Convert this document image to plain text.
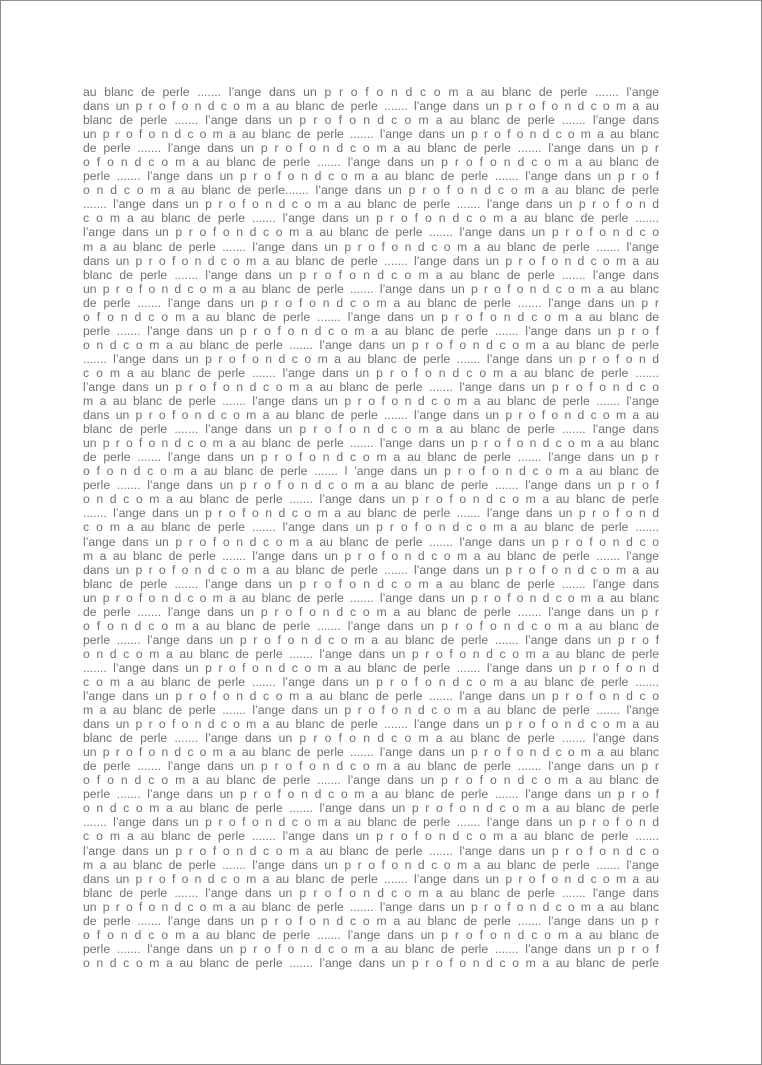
au blanc de perle ....... l’ange dans un p r o f o n d c o m a au blanc de perle ....... l’ange
dans un p r o f o n d c o m a au blanc de perle ....... l’ange dans un p r o f o n d c o m a au
blanc de perle ....... l’ange dans un p r o f o n d c o m a au blanc de perle ....... l’ange dans
un p r o f o n d c o m a au blanc de perle ....... l’ange dans un p r o f o n d c o m a au blanc
de perle ....... l’ange dans un p r o f o n d c o m a au blanc de perle ....... l’ange dans un p r
o f o n d c o m a au blanc de perle ....... l’ange dans un p r o f o n d c o m a au blanc de
perle ....... l’ange dans un p r o f o n d c o m a au blanc de perle ....... l’ange dans un p r o f
o n d c o m a au blanc de perle....... l’ange dans un p r o f o n d c o m a au blanc de perle
....... l’ange dans un p r o f o n d c o m a au blanc de perle ....... l’ange dans un p r o f o n d
c o m a au blanc de perle ....... l’ange dans un p r o f o n d c o m a au blanc de perle .......
l’ange dans un p r o f o n d c o m a au blanc de perle ....... l’ange dans un p r o f o n d c o
m a au blanc de perle ....... l’ange dans un p r o f o n d c o m a au blanc de perle ....... l’ange
dans un p r o f o n d c o m a au blanc de perle ....... l’ange dans un p r o f o n d c o m a au
blanc de perle ....... l’ange dans un p r o f o n d c o m a au blanc de perle ....... l’ange dans
un p r o f o n d c o m a au blanc de perle ....... l’ange dans un p r o f o n d c o m a au blanc
de perle ....... l’ange dans un p r o f o n d c o m a au blanc de perle ....... l’ange dans un p r
o f o n d c o m a au blanc de perle ....... l’ange dans un p r o f o n d c o m a au blanc de
perle ....... l’ange dans un p r o f o n d c o m a au blanc de perle ....... l’ange dans un p r o f
o n d c o m a au blanc de perle ....... l’ange dans un p r o f o n d c o m a au blanc de perle
....... l’ange dans un p r o f o n d c o m a au blanc de perle ....... l’ange dans un p r o f o n d
c o m a au blanc de perle ....... l’ange dans un p r o f o n d c o m a au blanc de perle .......
l’ange dans un p r o f o n d c o m a au blanc de perle ....... l’ange dans un p r o f o n d c o
m a au blanc de perle ....... l’ange dans un p r o f o n d c o m a au blanc de perle ....... l’ange
dans un p r o f o n d c o m a au blanc de perle ....... l’ange dans un p r o f o n d c o m a au
blanc de perle ....... l’ange dans un p r o f o n d c o m a au blanc de perle ....... l’ange dans
un p r o f o n d c o m a au blanc de perle ....... l’ange dans un p r o f o n d c o m a au blanc
de perle ....... l’ange dans un p r o f o n d c o m a au blanc de perle ....... l’ange dans un p r
o f o n d c o m a au blanc de perle ....... l ’ange dans un p r o f o n d c o m a au blanc de
perle ....... l’ange dans un p r o f o n d c o m a au blanc de perle ....... l’ange dans un p r o f
o n d c o m a au blanc de perle ....... l’ange dans un p r o f o n d c o m a au blanc de perle
....... l’ange dans un p r o f o n d c o m a au blanc de perle ....... l’ange dans un p r o f o n d
c o m a au blanc de perle ....... l’ange dans un p r o f o n d c o m a au blanc de perle .......
l’ange dans un p r o f o n d c o m a au blanc de perle ....... l’ange dans un p r o f o n d c o
m a au blanc de perle ....... l’ange dans un p r o f o n d c o m a au blanc de perle ....... l’ange
dans un p r o f o n d c o m a au blanc de perle ....... l’ange dans un p r o f o n d c o m a au
blanc de perle ....... l’ange dans un p r o f o n d c o m a au blanc de perle ....... l’ange dans
un p r o f o n d c o m a au blanc de perle ....... l’ange dans un p r o f o n d c o m a au blanc
de perle ....... l’ange dans un p r o f o n d c o m a au blanc de perle ....... l’ange dans un p r
o f o n d c o m a au blanc de perle ....... l’ange dans un p r o f o n d c o m a au blanc de
perle ....... l’ange dans un p r o f o n d c o m a au blanc de perle ....... l’ange dans un p r o f
o n d c o m a au blanc de perle ....... l’ange dans un p r o f o n d c o m a au blanc de perle
....... l’ange dans un p r o f o n d c o m a au blanc de perle ....... l’ange dans un p r o f o n d
c o m a au blanc de perle ....... l’ange dans un p r o f o n d c o m a au blanc de perle .......
l’ange dans un p r o f o n d c o m a au blanc de perle ....... l’ange dans un p r o f o n d c o
m a au blanc de perle ....... l’ange dans un p r o f o n d c o m a au blanc de perle ....... l’ange
dans un p r o f o n d c o m a au blanc de perle ....... l’ange dans un p r o f o n d c o m a au
blanc de perle ....... l’ange dans un p r o f o n d c o m a au blanc de perle ....... l’ange dans
un p r o f o n d c o m a au blanc de perle ....... l’ange dans un p r o f o n d c o m a au blanc
de perle ....... l’ange dans un p r o f o n d c o m a au blanc de perle ....... l’ange dans un p r
o f o n d c o m a au blanc de perle ....... l’ange dans un p r o f o n d c o m a au blanc de
perle ....... l’ange dans un p r o f o n d c o m a au blanc de perle ....... l’ange dans un p r o f
o n d c o m a au blanc de perle ....... l’ange dans un p r o f o n d c o m a au blanc de perle
....... l’ange dans un p r o f o n d c o m a au blanc de perle ....... l’ange dans un p r o f o n d
c o m a au blanc de perle ....... l’ange dans un p r o f o n d c o m a au blanc de perle .......
l’ange dans un p r o f o n d c o m a au blanc de perle ....... l’ange dans un p r o f o n d c o
m a au blanc de perle ....... l’ange dans un p r o f o n d c o m a au blanc de perle ....... l’ange
dans un p r o f o n d c o m a au blanc de perle ....... l’ange dans un p r o f o n d c o m a au
blanc de perle ....... l’ange dans un p r o f o n d c o m a au blanc de perle ....... l’ange dans
un p r o f o n d c o m a au blanc de perle ....... l’ange dans un p r o f o n d c o m a au blanc
de perle ....... l’ange dans un p r o f o n d c o m a au blanc de perle ....... l’ange dans un p r
o f o n d c o m a au blanc de perle ....... l’ange dans un p r o f o n d c o m a au blanc de
perle ....... l’ange dans un p r o f o n d c o m a au blanc de perle ....... l’ange dans un p r o f
o n d c o m a au blanc de perle ....... l’ange dans un p r o f o n d c o m a au blanc de perle
